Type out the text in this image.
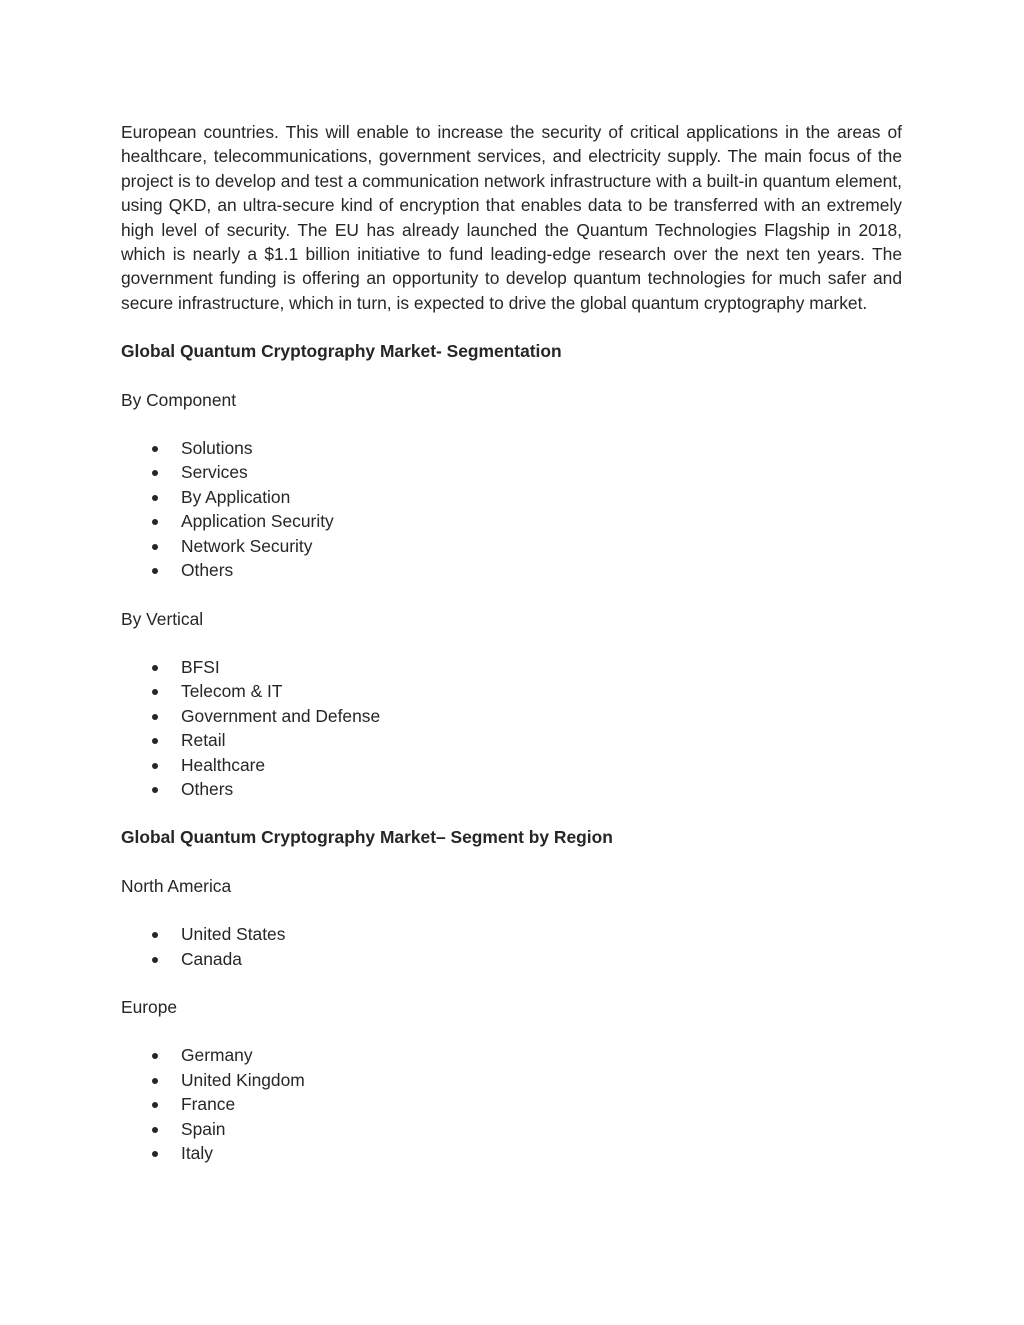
European countries. This will enable to increase the security of critical applications in the areas of healthcare, telecommunications, government services, and electricity supply. The main focus of the project is to develop and test a communication network infrastructure with a built-in quantum element, using QKD, an ultra-secure kind of encryption that enables data to be transferred with an extremely high level of security. The EU has already launched the Quantum Technologies Flagship in 2018, which is nearly a $1.1 billion initiative to fund leading-edge research over the next ten years. The government funding is offering an opportunity to develop quantum technologies for much safer and secure infrastructure, which in turn, is expected to drive the global quantum cryptography market.

Global Quantum Cryptography Market- Segmentation

By Component

Solutions
Services
By Application
Application Security
Network Security
Others

By Vertical

BFSI
Telecom & IT
Government and Defense
Retail
Healthcare
Others

Global Quantum Cryptography Market– Segment by Region

North America

United States
Canada

Europe

Germany
United Kingdom
France
Spain
Italy
